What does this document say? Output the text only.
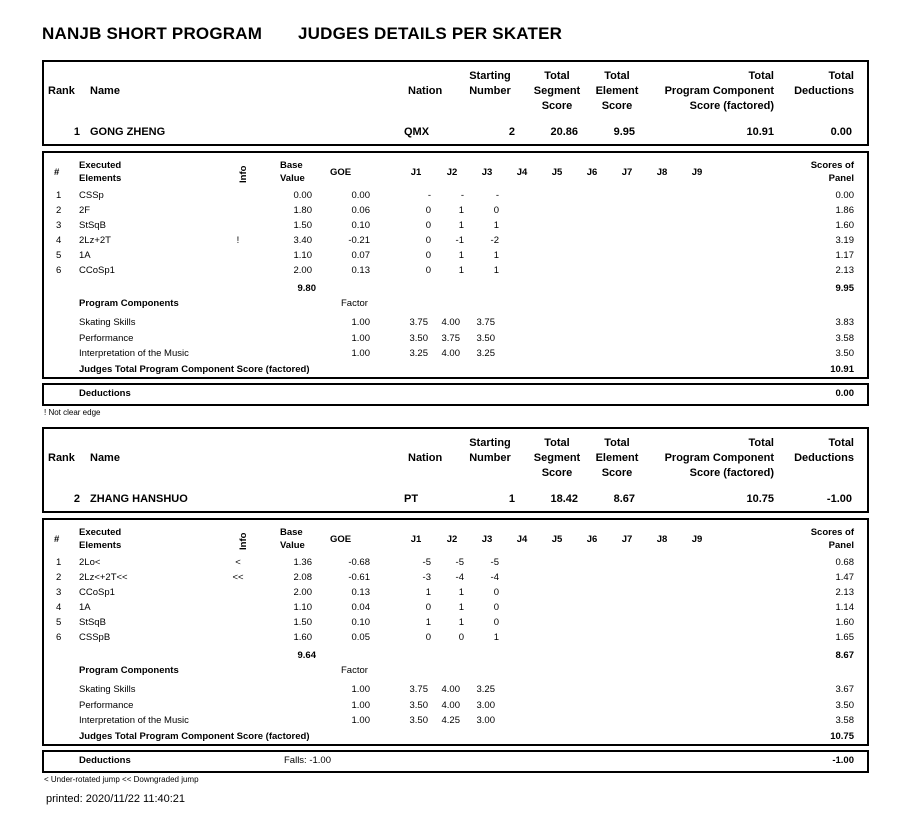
NANJB SHORT PROGRAM JUDGES DETAILS PER SKATER
Rank Name	Nation
Starting
Number
Total
Segment
Score
Total
Element
Score
Total
Program Component
Score (factored)
Total
Deductions
1 GONG ZHENG	QMX	2	20.86	9.95	10.91	0.00
#
Executed
Elements	Info
Base
Value
GOE	J1	J2	J3	J4	J5	J6	J7	J8	J9
Scores of
Panel
1 CSSp	0.00	0.00	-	-	-	0.00
2 2F	1.80	0.06	0	1	0	1.86
3 StSqB	1.50	0.10	0	1	1	1.60
4 2Lz+2T	!	3.40	-0.21	0	-1	-2	3.19
5 1A	1.10	0.07	0	1	1	1.17
6 CCoSp1	2.00	0.13	0	1	1	2.13
9.80	9.95
Program Components	Factor
Skating Skills	1.00	3.75	4.00	3.75	3.83
Performance	1.00	3.50	3.75	3.50	3.58
Interpretation of the Music	1.00	3.25	4.00	3.25	3.50
Judges Total Program Component Score (factored)	10.91
Deductions	0.00
! Not clear edge
Rank Name	Nation
Starting
Number
Total
Segment
Score
Total
Element
Score
Total
Program Component
Score (factored)
Total
Deductions
2 ZHANG HANSHUO	PT	1	18.42	8.67	10.75	-1.00
#
Executed
Elements	Info
Base
Value
GOE	J1	J2	J3	J4	J5	J6	J7	J8	J9
Scores of
Panel
1 2Lo<	<	1.36	-0.68	-5	-5	-5	0.68
2 2Lz<+2T<<	<<	2.08	-0.61	-3	-4	-4	1.47
3 CCoSp1	2.00	0.13	1	1	0	2.13
4 1A	1.10	0.04	0	1	0	1.14
5 StSqB	1.50	0.10	1	1	0	1.60
6 CSSpB	1.60	0.05	0	0	1	1.65
9.64	8.67
Program Components	Factor
Skating Skills	1.00	3.75	4.00	3.25	3.67
Performance	1.00	3.50	4.00	3.00	3.50
Interpretation of the Music	1.00	3.50	4.25	3.00	3.58
Judges Total Program Component Score (factored)	10.75
Deductions	Falls: -1.00	-1.00
< Under-rotated jump << Downgraded jump
printed: 2020/11/22 11:40:21
